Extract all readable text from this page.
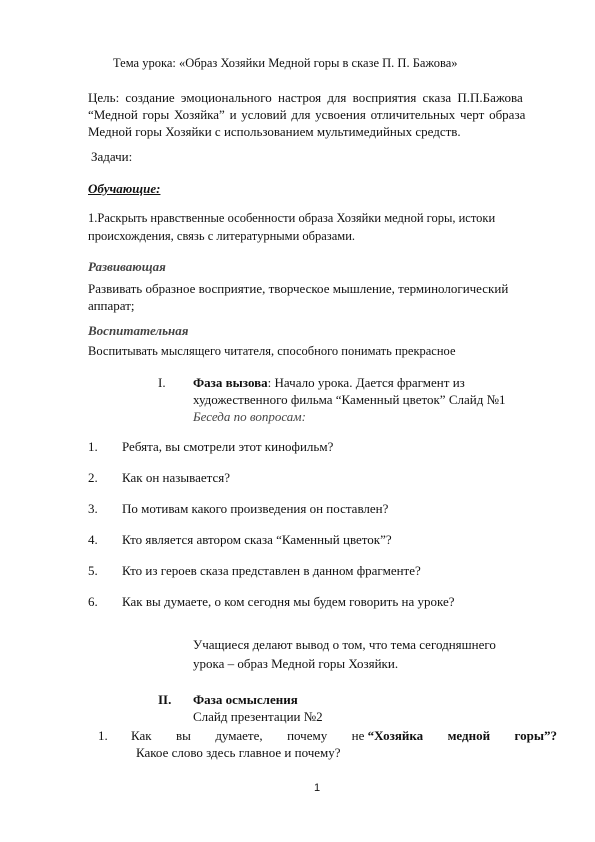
Тема урока: «Образ Хозяйки Медной горы в сказе П. П. Бажова»
Цель: создание эмоционального настроя для восприятия сказа П.П.Бажова
“Медной горы Хозяйка” и условий для усвоения отличительных черт образа
Медной горы Хозяйки с использованием мультимедийных средств.
Задачи:
Обучающие:
1.Раскрыть нравственные особенности образа Хозяйки медной горы, истоки
происхождения, связь с литературными образами.
Развивающая
Развивать образное восприятие, творческое мышление, терминологический
аппарат;
Воспитательная
Воспитывать мыслящего читателя, способного понимать прекрасное
I. Фаза вызова: Начало урока. Дается фрагмент из
художественного фильма “Каменный цветок” Слайд №1
Беседа по вопросам:
1.	Ребята, вы смотрели этот кинофильм?
2.	Как он называется?
3.	По мотивам какого произведения он поставлен?
4.	Кто является автором сказа “Каменный цветок”?
5.	Кто из героев сказа представлен в данном фрагменте?
6.	Как вы думаете, о ком сегодня мы будем говорить на уроке?
Учащиеся делают вывод о том, что тема сегодняшнего
урока – образ Медной горы Хозяйки.
II. Фаза осмысления
Слайд презентации №2
1. Как вы думаете, почему не “Хозяйка медной горы”?
Какое слово здесь главное и почему?
1
